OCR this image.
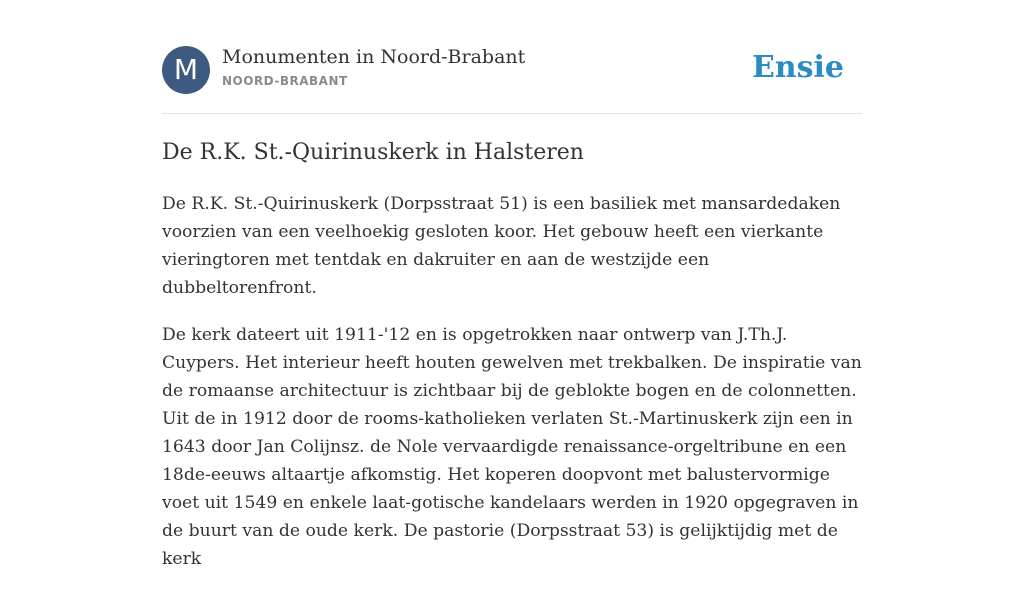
M	Monumenten in Noord-Brabant
NOORD-BRABANT	Ensie
De R.K. St.-Quirinuskerk in Halsteren

De R.K. St.-Quirinuskerk (Dorpsstraat 51) is een basiliek met mansardedaken voorzien van een veelhoekig gesloten koor. Het gebouw heeft een vierkante vieringtoren met tentdak en dakruiter en aan de westzijde een dubbeltorenfront.

De kerk dateert uit 1911-'12 en is opgetrokken naar ontwerp van J.Th.J. Cuypers. Het interieur heeft houten gewelven met trekbalken. De inspiratie van de romaanse architectuur is zichtbaar bij de geblokte bogen en de colonnetten. Uit de in 1912 door de rooms-katholieken verlaten St.-Martinuskerk zijn een in 1643 door Jan Colijnsz. de Nole vervaardigde renaissance-orgeltribune en een 18de-eeuws altaartje afkomstig. Het koperen doopvont met balustervormige voet uit 1549 en enkele laat-gotische kandelaars werden in 1920 opgegraven in de buurt van de oude kerk. De pastorie (Dorpsstraat 53) is gelijktijdig met de kerk
